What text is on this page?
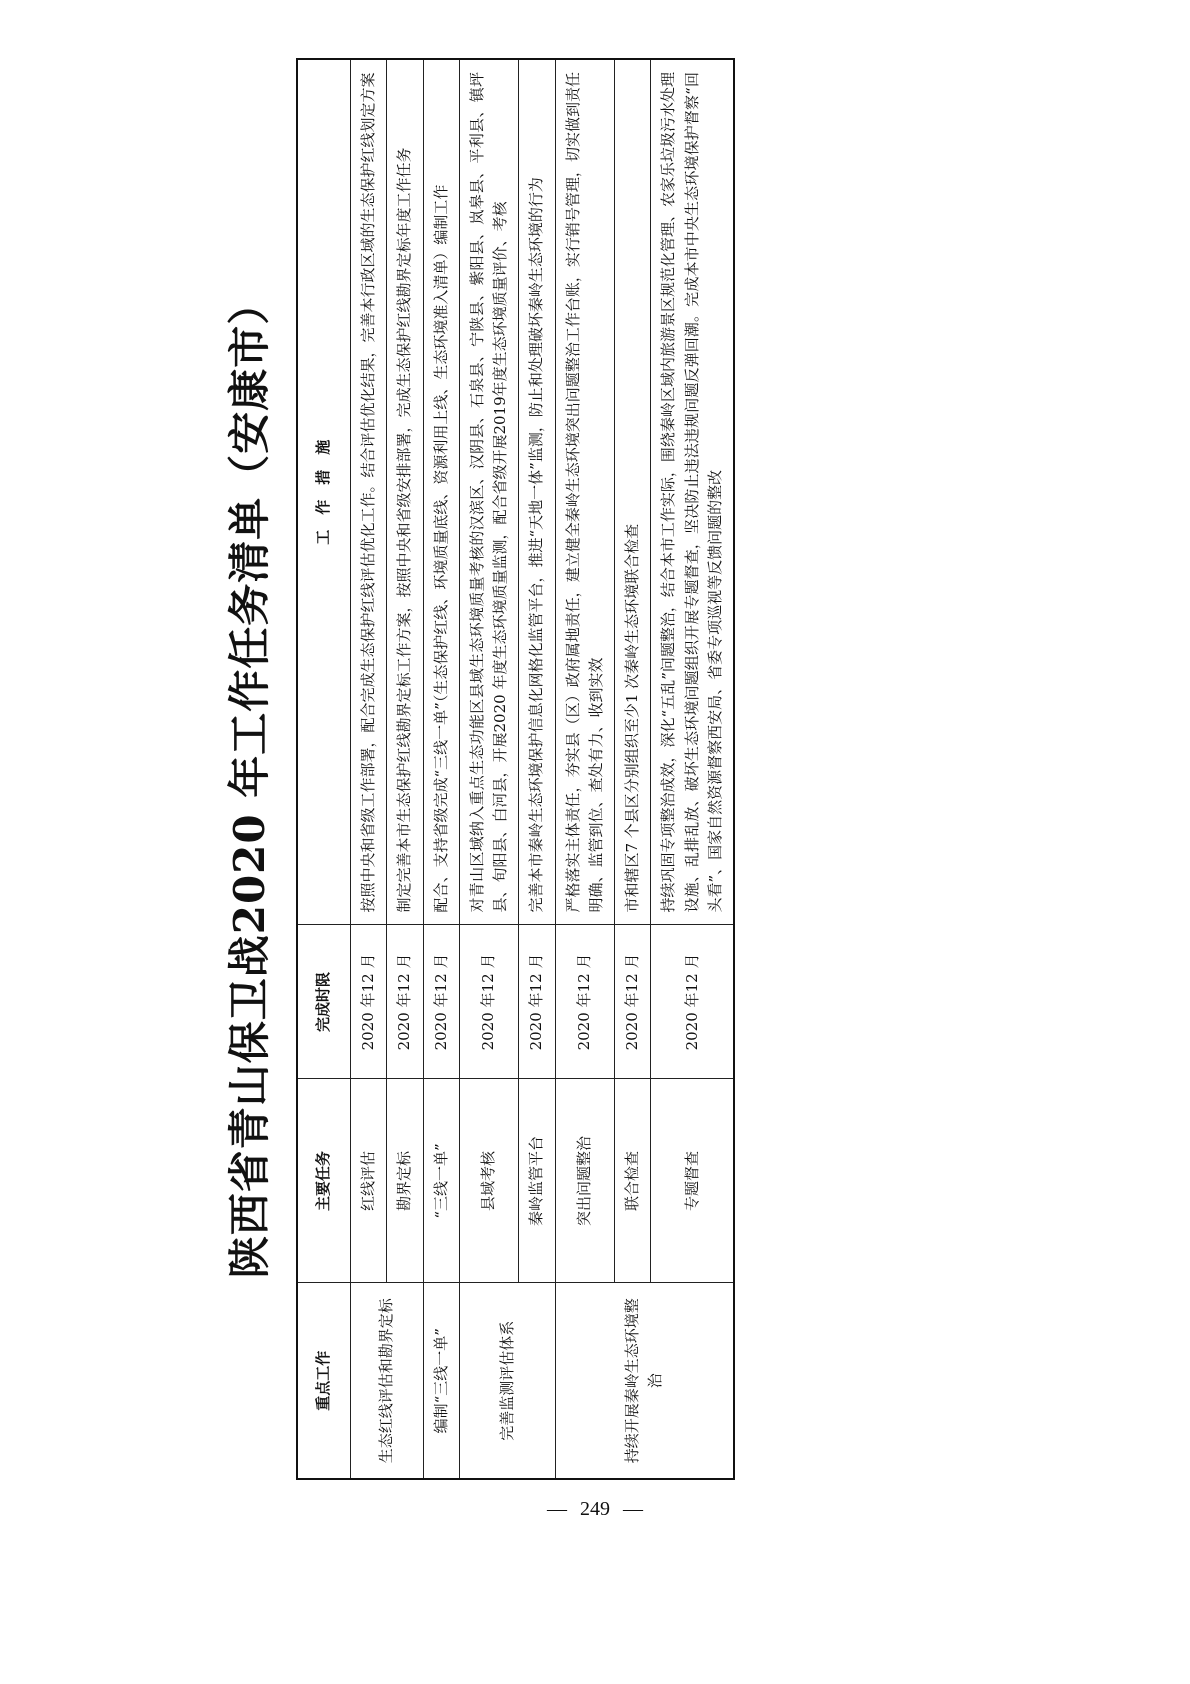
陕西省青山保卫战2020 年工作任务清单（安康市）
重点工作	主要任务	完成时限	工　作　措　施
生态红线评估和勘界定标	红线评估	2020 年12 月	按照中央和省级工作部署，配合完成生态保护红线评估优化工作。结合评估优化结果，完善本行政区域的生态保护红线划定方案
	勘界定标	2020 年12 月	制定完善本市生态保护红线勘界定标工作方案，按照中央和省级安排部署，完成生态保护红线勘界定标年度工作任务
编制“三线一单”	“三线一单”	2020 年12 月	配合、支持省级完成“三线一单”（生态保护红线、环境质量底线、资源利用上线、生态环境准入清单）编制工作
完善监测评估体系	县域考核	2020 年12 月	对青山区域纳入重点生态功能区县域生态环境质量考核的汉滨区、汉阴县、石泉县、宁陕县、紫阳县、岚皋县、平利县、镇坪县、旬阳县、白河县，开展2020 年度生态环境质量监测，配合省级开展2019年度生态环境质量评价、考核
	秦岭监管平台	2020 年12 月	完善本市秦岭生态环境保护信息化网格化监管平台，推进“天地一体”监测，防止和处理破坏秦岭生态环境的行为
持续开展秦岭生态环境整治	突出问题整治	2020 年12 月	严格落实主体责任，夯实县（区）政府属地责任，建立健全秦岭生态环境突出问题整治工作台账，实行销号管理，切实做到责任明确、监管到位、查处有力、收到实效
	联合检查	2020 年12 月	市和辖区7 个县区分别组织至少1 次秦岭生态环境联合检查
	专题督查	2020 年12 月	持续巩固专项整治成效，深化“五乱”问题整治，结合本市工作实际，围绕秦岭区域内旅游景区规范化管理、农家乐垃圾污水处理设施、乱排乱放、破坏生态环境问题组织开展专题督查，坚决防止违法违规问题反弹回潮。完成本市中央生态环境保护督察“回头看”、国家自然资源督察西安局、省委专项巡视等反馈问题的整改
— 249 —
